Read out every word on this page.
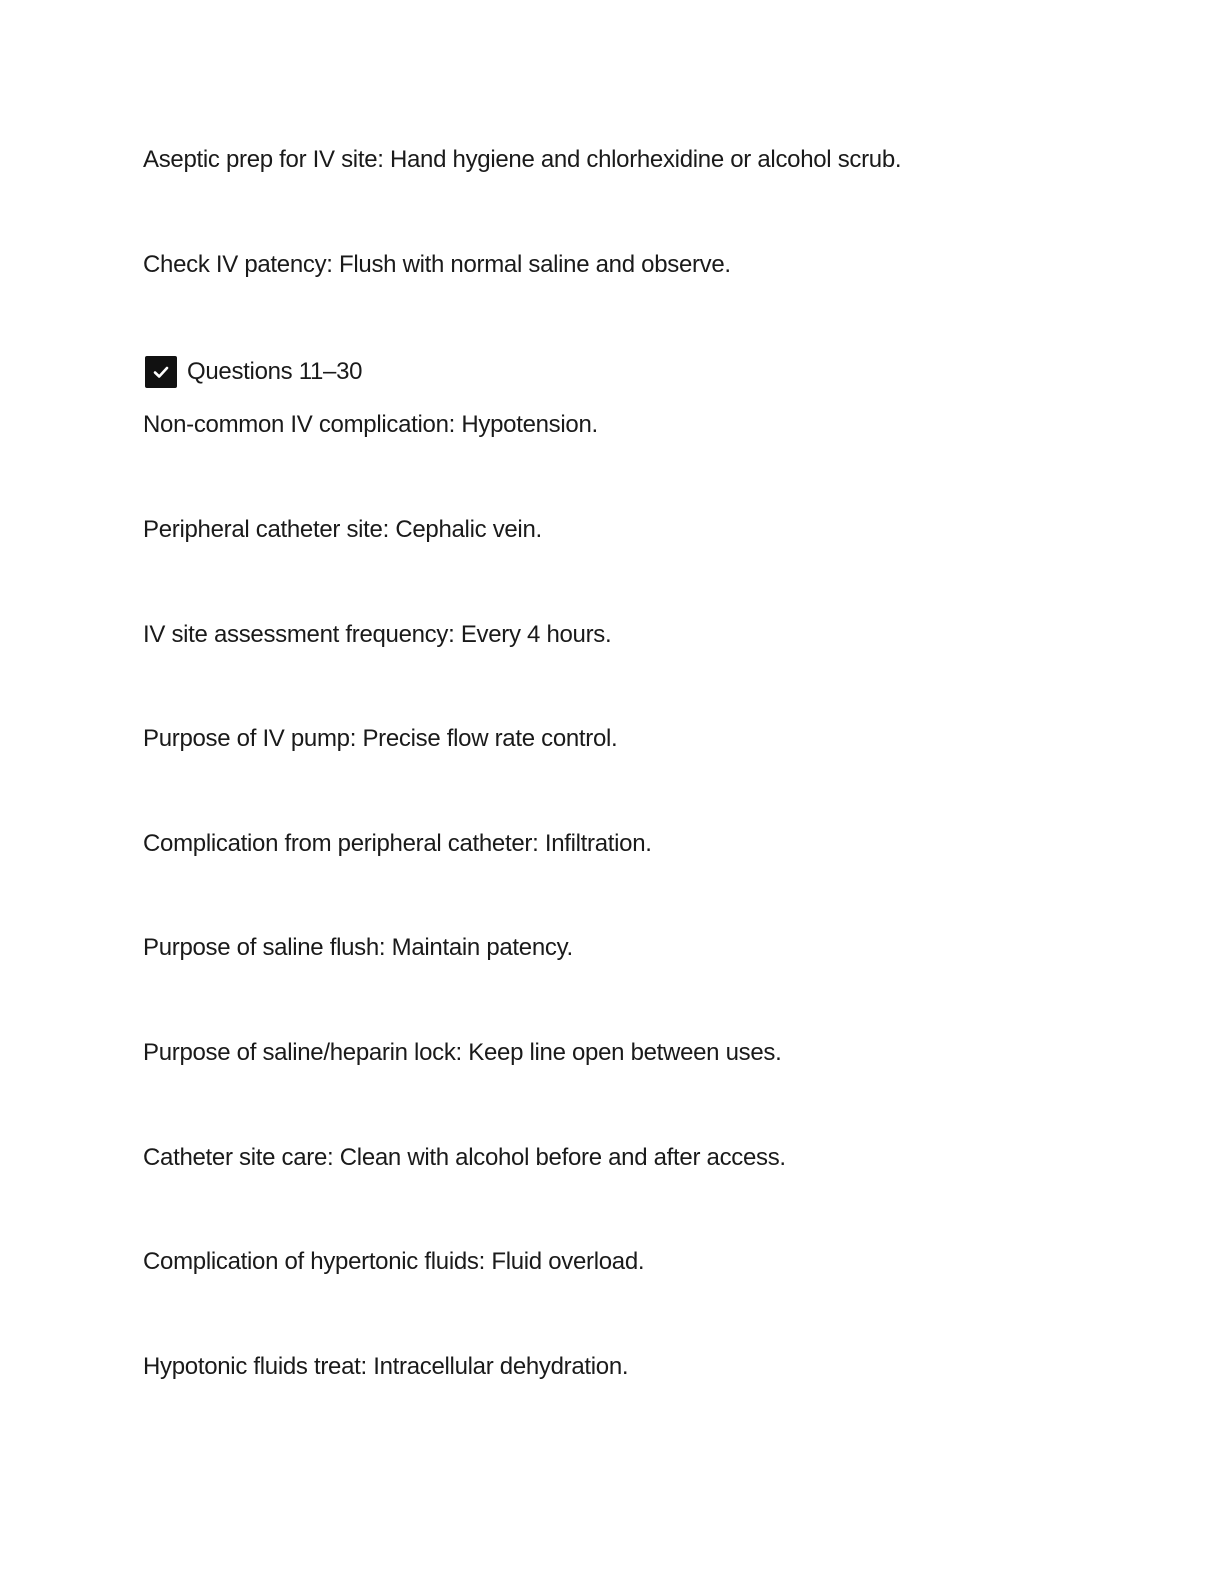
Aseptic prep for IV site: Hand hygiene and chlorhexidine or alcohol scrub.
Check IV patency: Flush with normal saline and observe.
Questions 11–30
Non-common IV complication: Hypotension.
Peripheral catheter site: Cephalic vein.
IV site assessment frequency: Every 4 hours.
Purpose of IV pump: Precise flow rate control.
Complication from peripheral catheter: Infiltration.
Purpose of saline flush: Maintain patency.
Purpose of saline/heparin lock: Keep line open between uses.
Catheter site care: Clean with alcohol before and after access.
Complication of hypertonic fluids: Fluid overload.
Hypotonic fluids treat: Intracellular dehydration.
